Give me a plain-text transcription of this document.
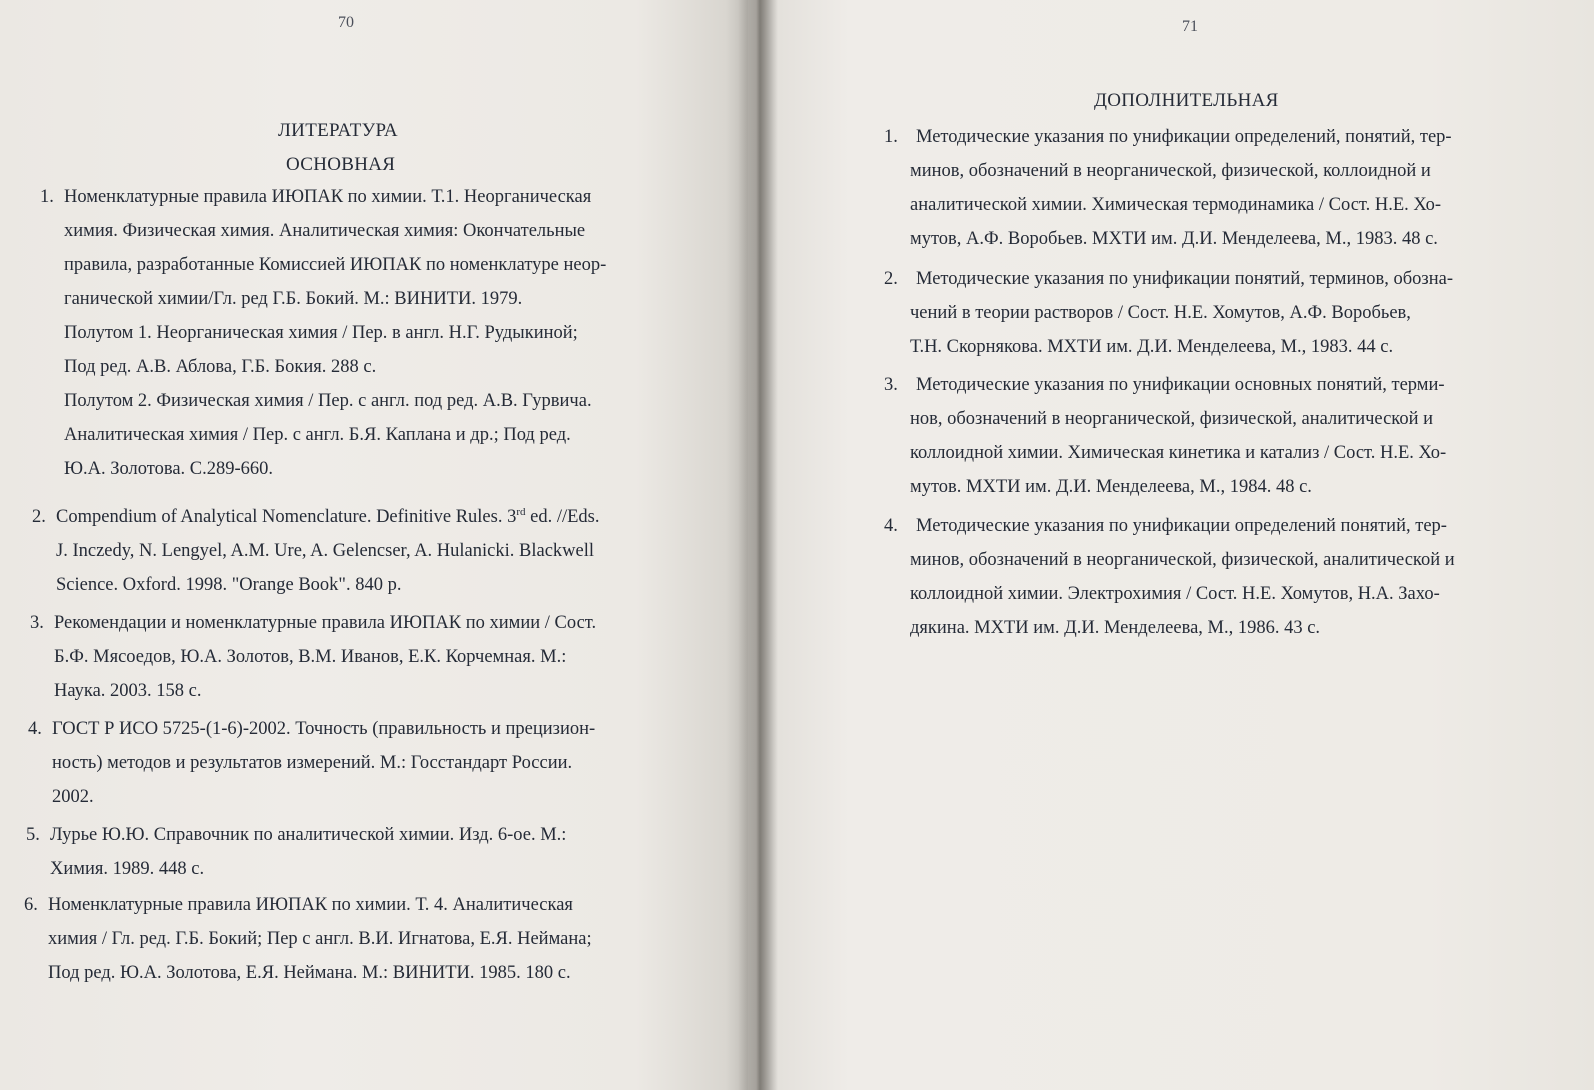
70
ЛИТЕРАТУРА
ОСНОВНАЯ
1. Номенклатурные правила ИЮПАК по химии. Т.1. Неорганическая
химия. Физическая химия. Аналитическая химия: Окончательные
правила, разработанные Комиссией ИЮПАК по номенклатуре неор-
ганической химии/Гл. ред Г.Б. Бокий. М.: ВИНИТИ. 1979.
Полутом 1. Неорганическая химия / Пер. в англ. Н.Г. Рудыкиной;
Под ред. А.В. Аблова, Г.Б. Бокия. 288 с.
Полутом 2. Физическая химия / Пер. с англ. под ред. А.В. Гурвича.
Аналитическая химия / Пер. с англ. Б.Я. Каплана и др.; Под ред.
Ю.А. Золотова. С.289-660.
2. Compendium of Analytical Nomenclature. Definitive Rules. 3rd ed. //Eds.
J. Inczedy, N. Lengyel, A.M. Ure, A. Gelencser, A. Hulanicki. Blackwell
Science. Oxford. 1998. "Orange Book". 840 p.
3. Рекомендации и номенклатурные правила ИЮПАК по химии / Сост.
Б.Ф. Мясоедов, Ю.А. Золотов, В.М. Иванов, Е.К. Корчемная. М.:
Наука. 2003. 158 с.
4. ГОСТ Р ИСО 5725-(1-6)-2002. Точность (правильность и прецизион-
ность) методов и результатов измерений. М.: Госстандарт России.
2002.
5. Лурье Ю.Ю. Справочник по аналитической химии. Изд. 6-ое. М.:
Химия. 1989. 448 с.
6. Номенклатурные правила ИЮПАК по химии. Т. 4. Аналитическая
химия / Гл. ред. Г.Б. Бокий; Пер с англ. В.И. Игнатова, Е.Я. Неймана;
Под ред. Ю.А. Золотова, Е.Я. Неймана. М.: ВИНИТИ. 1985. 180 с.
71
ДОПОЛНИТЕЛЬНАЯ
1. Методические указания по унификации определений, понятий, тер-
минов, обозначений в неорганической, физической, коллоидной и
аналитической химии. Химическая термодинамика / Сост. Н.Е. Хо-
мутов, А.Ф. Воробьев. МХТИ им. Д.И. Менделеева, М., 1983. 48 с.
2. Методические указания по унификации понятий, терминов, обозна-
чений в теории растворов / Сост. Н.Е. Хомутов, А.Ф. Воробьев,
Т.Н. Скорнякова. МХТИ им. Д.И. Менделеева, М., 1983. 44 с.
3. Методические указания по унификации основных понятий, терми-
нов, обозначений в неорганической, физической, аналитической и
коллоидной химии. Химическая кинетика и катализ / Сост. Н.Е. Хо-
мутов. МХТИ им. Д.И. Менделеева, М., 1984. 48 с.
4. Методические указания по унификации определений понятий, тер-
минов, обозначений в неорганической, физической, аналитической и
коллоидной химии. Электрохимия / Сост. Н.Е. Хомутов, Н.А. Захо-
дякина. МХТИ им. Д.И. Менделеева, М., 1986. 43 с.
